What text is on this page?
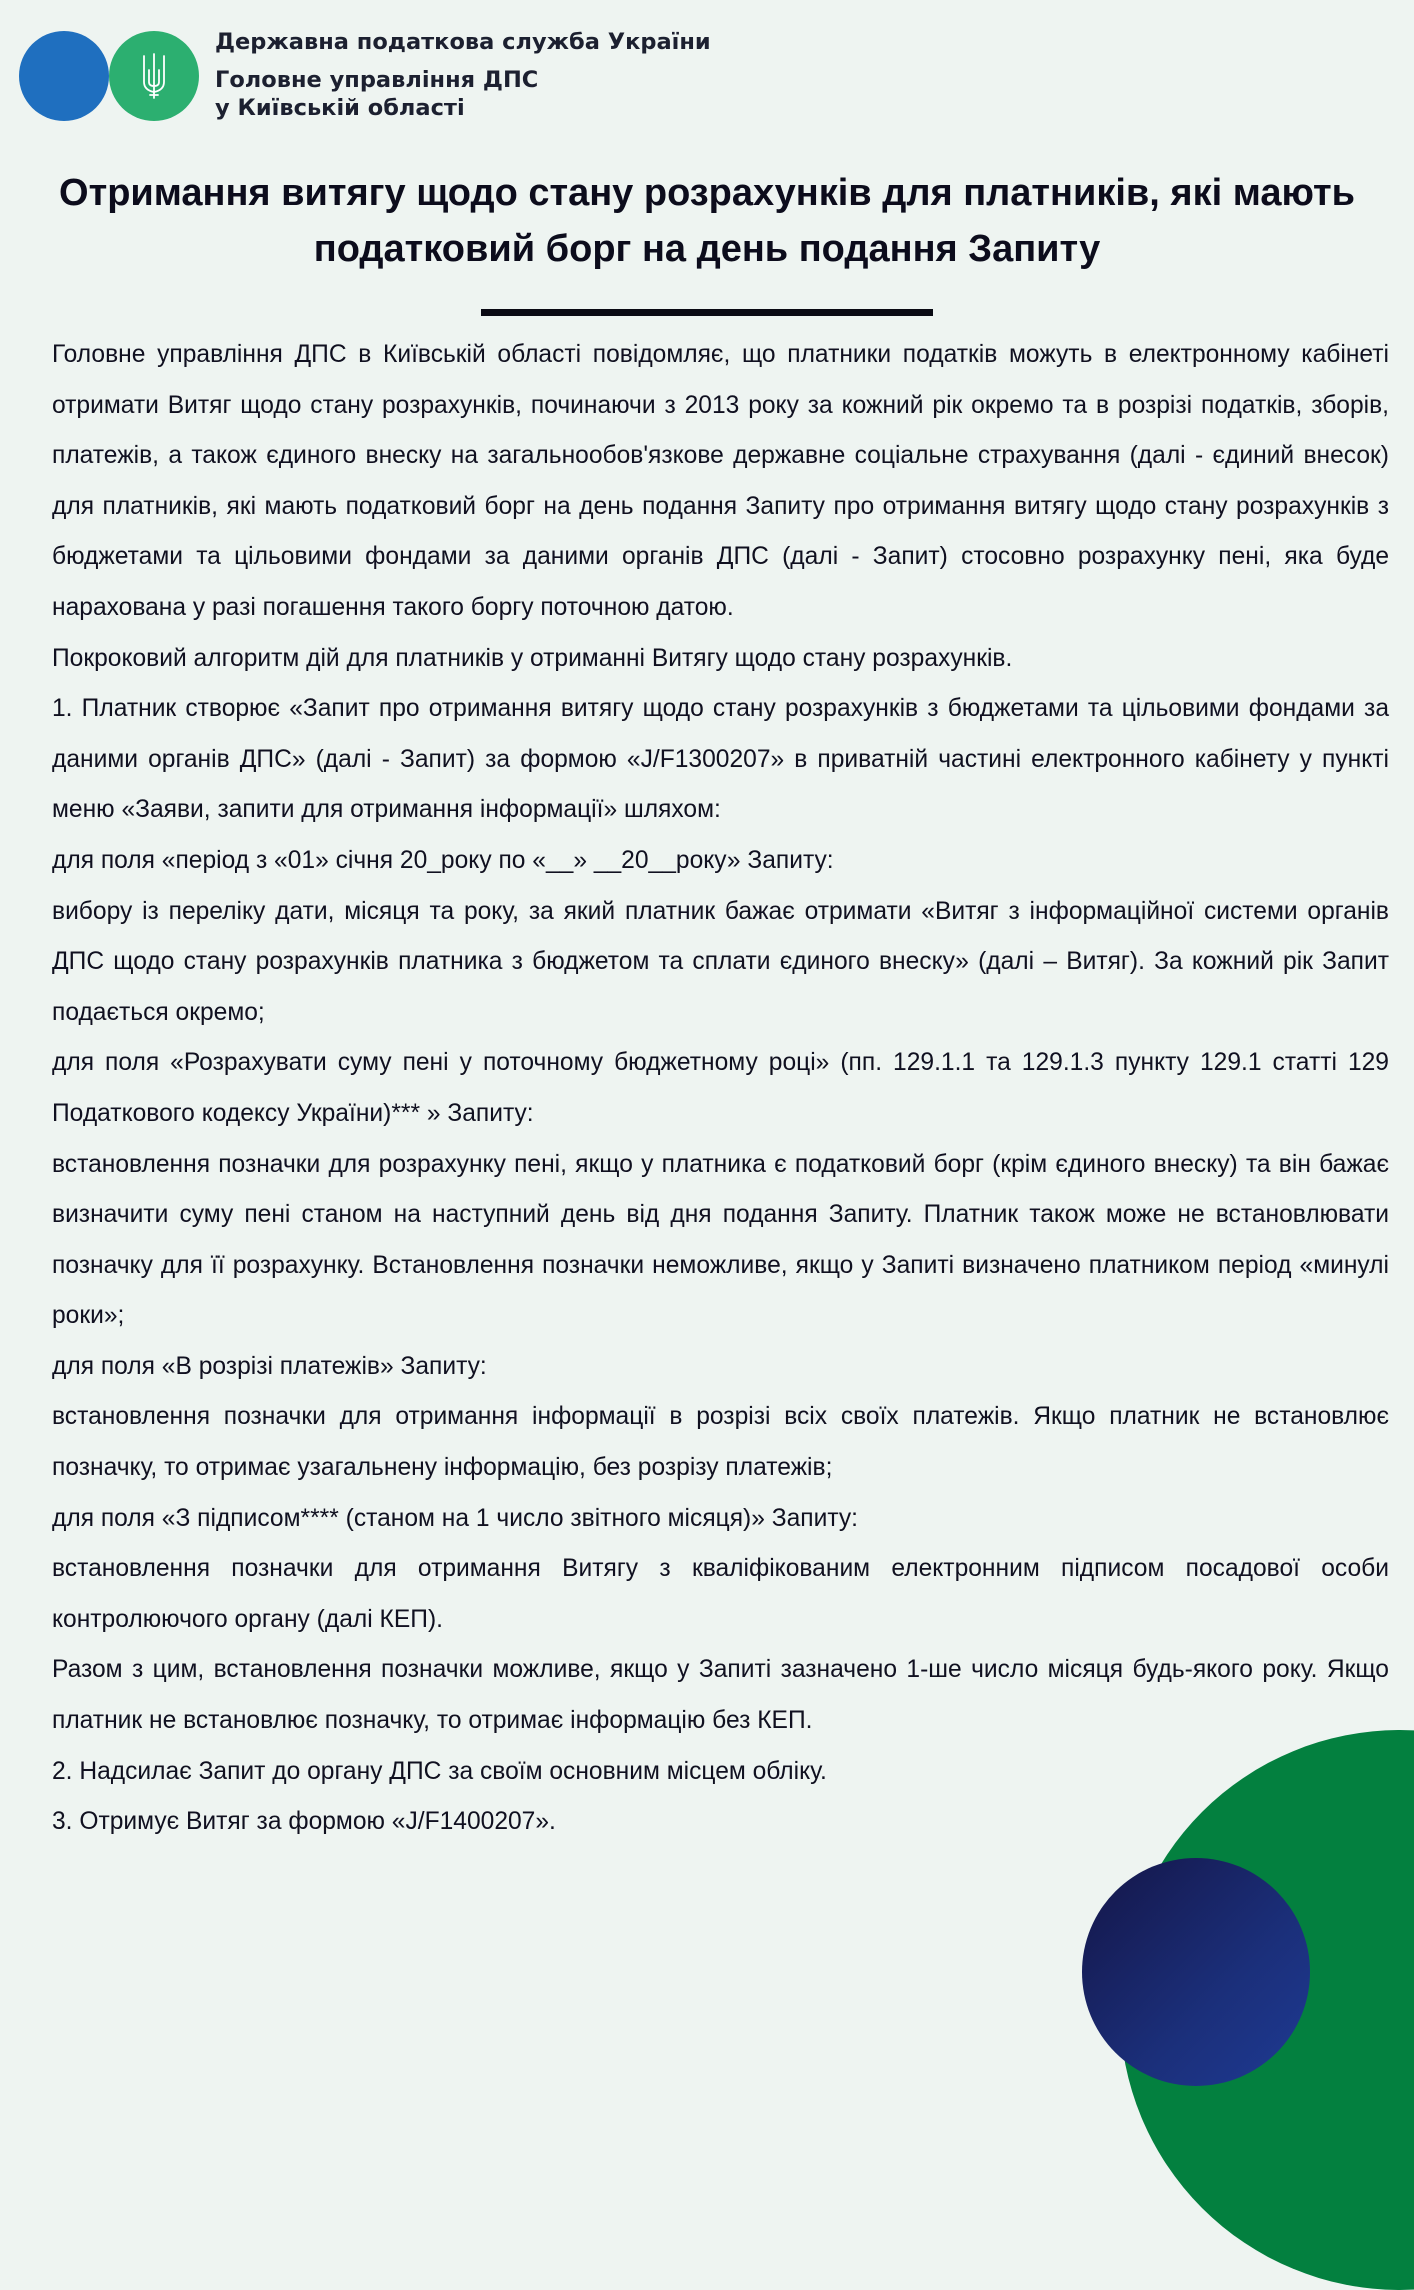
Державна податкова служба України
Головне управління ДПС
у Київській області
Отримання витягу щодо стану розрахунків для платників, які мають податковий борг на день подання Запиту

Головне управління ДПС в Київській області повідомляє, що платники податків можуть в електронному кабінеті отримати Витяг щодо стану розрахунків, починаючи з 2013 року за кожний рік окремо та в розрізі податків, зборів, платежів, а також єдиного внеску на загальнообов'язкове державне соціальне страхування (далі - єдиний внесок) для платників, які мають податковий борг на день подання Запиту про отримання витягу щодо стану розрахунків з бюджетами та цільовими фондами за даними органів ДПС (далі - Запит) стосовно розрахунку пені, яка буде нарахована у разі погашення такого боргу поточною датою.

Покроковий алгоритм дій для платників у отриманні Витягу щодо стану розрахунків.

1. Платник створює «Запит про отримання витягу щодо стану розрахунків з бюджетами та цільовими фондами за даними органів ДПС» (далі - Запит) за формою «J/F1300207» в приватній частині електронного кабінету у пункті меню «Заяви, запити для отримання інформації» шляхом:

для поля «період з «01» січня 20_року по «__» __20__року» Запиту:

вибору із переліку дати, місяця та року, за який платник бажає отримати «Витяг з інформаційної системи органів ДПС щодо стану розрахунків платника з бюджетом та сплати єдиного внеску» (далі – Витяг). За кожний рік Запит подається окремо;

для поля «Розрахувати суму пені у поточному бюджетному році» (пп. 129.1.1 та 129.1.3 пункту 129.1 статті 129 Податкового кодексу України)*** » Запиту:

встановлення позначки для розрахунку пені, якщо у платника є податковий борг (крім єдиного внеску) та він бажає визначити суму пені станом на наступний день від дня подання Запиту. Платник також може не встановлювати позначку для її розрахунку. Встановлення позначки неможливе, якщо у Запиті визначено платником період «минулі роки»;

для поля «В розрізі платежів» Запиту:

встановлення позначки для отримання інформації в розрізі всіх своїх платежів. Якщо платник не встановлює позначку, то отримає узагальнену інформацію, без розрізу платежів;

для поля «З підписом**** (станом на 1 число звітного місяця)» Запиту:

встановлення позначки для отримання Витягу з кваліфікованим електронним підписом посадової особи контролюючого органу (далі КЕП).

Разом з цим, встановлення позначки можливе, якщо у Запиті зазначено 1-ше число місяця будь-якого року. Якщо платник не встановлює позначку, то отримає інформацію без КЕП.

2. Надсилає Запит до органу ДПС за своїм основним місцем обліку.

3. Отримує Витяг за формою «J/F1400207».
